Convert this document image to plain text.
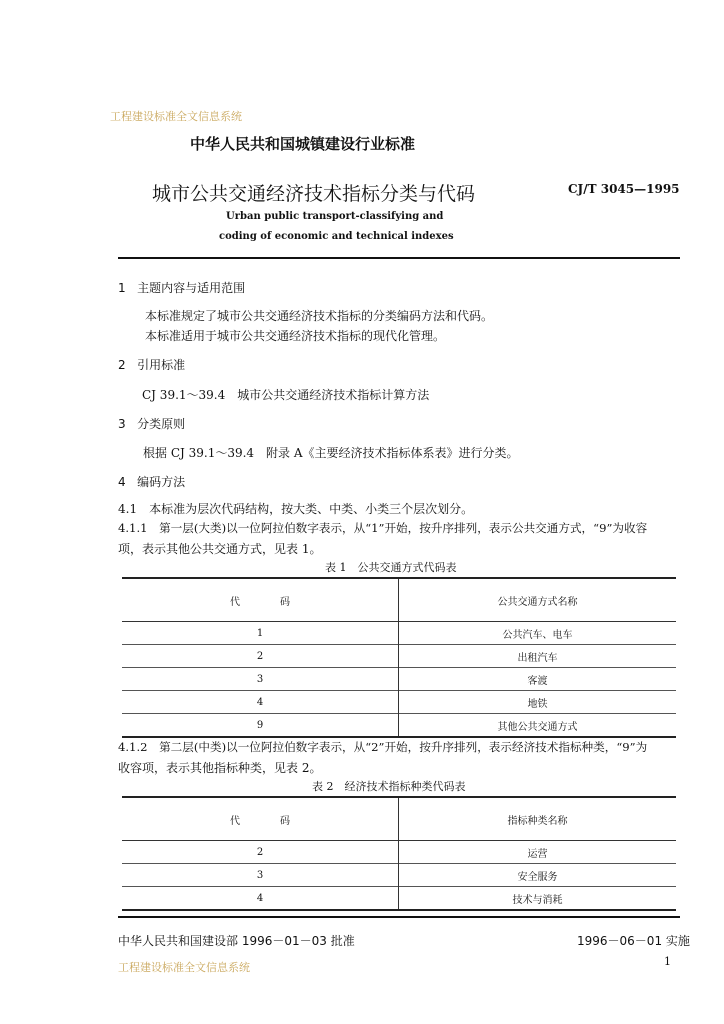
工程建设标准全文信息系统
中华人民共和国城镇建设行业标准
城市公共交通经济技术指标分类与代码	CJ/T 3045—1995
Urban public transport-classifying and
coding of economic and technical indexes
1 主题内容与适用范围
本标准规定了城市公共交通经济技术指标的分类编码方法和代码。
本标准适用于城市公共交通经济技术指标的现代化管理。
2 引用标准
CJ 39.1～39.4　城市公共交通经济技术指标计算方法
3 分类原则
根据 CJ 39.1～39.4　附录 A《主要经济技术指标体系表》进行分类。
4 编码方法
4.1　本标准为层次代码结构，按大类、中类、小类三个层次划分。
4.1.1　第一层(大类)以一位阿拉伯数字表示，从“1”开始，按升序排列，表示公共交通方式，“9”为收容
项，表示其他公共交通方式，见表 1。
表 1　公共交通方式代码表
代　　　　码	公共交通方式名称
1	公共汽车、电车
2	出租汽车
3	客渡
4	地铁
9	其他公共交通方式
4.1.2　第二层(中类)以一位阿拉伯数字表示，从“2”开始，按升序排列，表示经济技术指标种类，“9”为
收容项，表示其他指标种类，见表 2。
表 2　经济技术指标种类代码表
代　　　　码	指标种类名称
2	运营
3	安全服务
4	技术与消耗
中华人民共和国建设部 1996－01－03 批准	1996－06－01 实施
工程建设标准全文信息系统	1
